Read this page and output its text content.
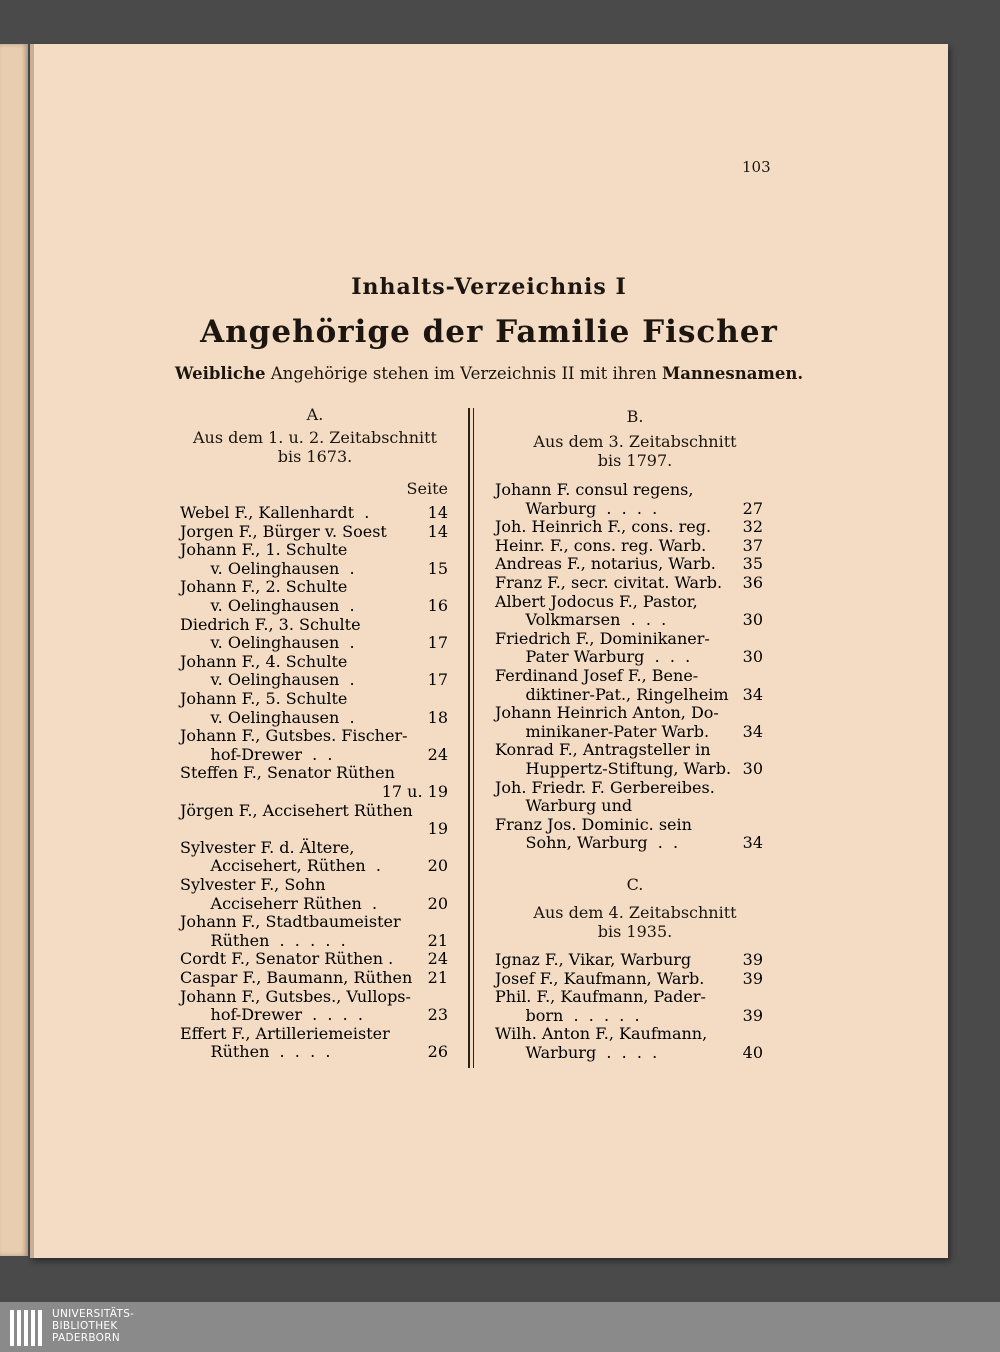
103
Inhalts-Verzeichnis I
Angehörige der Familie Fischer
Weibliche Angehörige stehen im Verzeichnis II mit ihren Mannesnamen.
A.
Aus dem 1. u. 2. Zeitabschnitt
bis 1673.
Seite
Webel F., Kallenhardt  .	14
Jorgen F., Bürger v. Soest	14
Johann F., 1. Schulte
v. Oelinghausen  .	15
Johann F., 2. Schulte
v. Oelinghausen  .	16
Diedrich F., 3. Schulte
v. Oelinghausen  .	17
Johann F., 4. Schulte
v. Oelinghausen  .	17
Johann F., 5. Schulte
v. Oelinghausen  .	18
Johann F., Gutsbes. Fischer-
hof-Drewer  .  .	24
Steffen F., Senator Rüthen
17 u. 19
Jörgen F., Accisehert Rüthen
19
Sylvester F. d. Ältere,
Accisehert, Rüthen  .	20
Sylvester F., Sohn
Acciseherr Rüthen  .	20
Johann F., Stadtbaumeister
Rüthen  .  .  .  .  .	21
Cordt F., Senator Rüthen .	24
Caspar F., Baumann, Rüthen 21
Johann F., Gutsbes., Vullops-
hof-Drewer  .  .  .  .	23
Effert F., Artilleriemeister
Rüthen  .  .  .  .	26
B.
Aus dem 3. Zeitabschnitt
bis 1797.
Johann F. consul regens,
Warburg  .  .  .  .	27
Joh. Heinrich F., cons. reg.	32
Heinr. F., cons. reg. Warb.	37
Andreas F., notarius, Warb.	35
Franz F., secr. civitat. Warb.	36
Albert Jodocus F., Pastor,
Volkmarsen  .  .  .	30
Friedrich F., Dominikaner-
Pater Warburg  .  .  .	30
Ferdinand Josef F., Bene-
diktiner-Pat., Ringelheim 34
Johann Heinrich Anton, Do-
minikaner-Pater Warb.	34
Konrad F., Antragsteller in
Huppertz-Stiftung, Warb. 30
Joh. Friedr. F. Gerbereibes.
Warburg und
Franz Jos. Dominic. sein
Sohn, Warburg  .  .	34
C.
Aus dem 4. Zeitabschnitt
bis 1935.
Ignaz F., Vikar, Warburg	39
Josef F., Kaufmann, Warb.	39
Phil. F., Kaufmann, Pader-
born  .  .  .  .  .	39
Wilh. Anton F., Kaufmann,
Warburg  .  .  .  .	40
UNIVERSITÄTS-
BIBLIOTHEK
PADERBORN
